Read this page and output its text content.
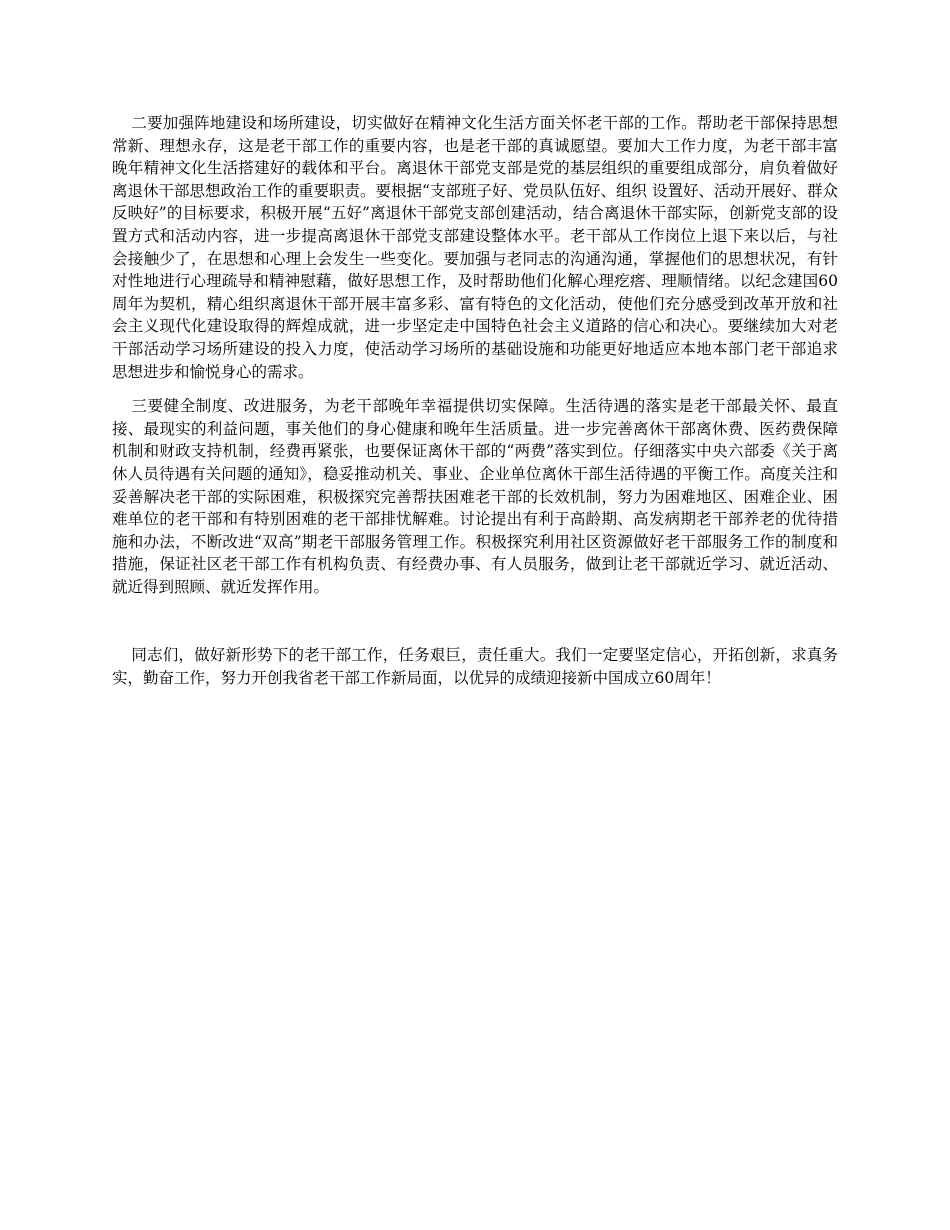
二要加强阵地建设和场所建设，切实做好在精神文化生活方面关怀老干部的工作。帮助老干部保持思想常新、理想永存，这是老干部工作的重要内容，也是老干部的真诚愿望。要加大工作力度，为老干部丰富晚年精神文化生活搭建好的载体和平台。离退休干部党支部是党的基层组织的重要组成部分，肩负着做好离退休干部思想政治工作的重要职责。要根据“支部班子好、党员队伍好、组织 设置好、活动开展好、群众反映好”的目标要求，积极开展“五好”离退休干部党支部创建活动，结合离退休干部实际，创新党支部的设置方式和活动内容，进一步提高离退休干部党支部建设整体水平。老干部从工作岗位上退下来以后，与社会接触少了，在思想和心理上会发生一些变化。要加强与老同志的沟通沟通，掌握他们的思想状况，有针对性地进行心理疏导和精神慰藉，做好思想工作，及时帮助他们化解心理疙瘩、理顺情绪。以纪念建国60周年为契机，精心组织离退休干部开展丰富多彩、富有特色的文化活动，使他们充分感受到改革开放和社会主义现代化建设取得的辉煌成就，进一步坚定走中国特色社会主义道路的信心和决心。要继续加大对老干部活动学习场所建设的投入力度，使活动学习场所的基础设施和功能更好地适应本地本部门老干部追求思想进步和愉悦身心的需求。

三要健全制度、改进服务，为老干部晚年幸福提供切实保障。生活待遇的落实是老干部最关怀、最直接、最现实的利益问题，事关他们的身心健康和晚年生活质量。进一步完善离休干部离休费、医药费保障机制和财政支持机制，经费再紧张，也要保证离休干部的“两费”落实到位。仔细落实中央六部委《关于离休人员待遇有关问题的通知》，稳妥推动机关、事业、企业单位离休干部生活待遇的平衡工作。高度关注和妥善解决老干部的实际困难，积极探究完善帮扶困难老干部的长效机制，努力为困难地区、困难企业、困难单位的老干部和有特别困难的老干部排忧解难。讨论提出有利于高龄期、高发病期老干部养老的优待措施和办法，不断改进“双高”期老干部服务管理工作。积极探究利用社区资源做好老干部服务工作的制度和措施，保证社区老干部工作有机构负责、有经费办事、有人员服务，做到让老干部就近学习、就近活动、就近得到照顾、就近发挥作用。

同志们，做好新形势下的老干部工作，任务艰巨，责任重大。我们一定要坚定信心，开拓创新，求真务实，勤奋工作，努力开创我省老干部工作新局面，以优异的成绩迎接新中国成立60周年！
